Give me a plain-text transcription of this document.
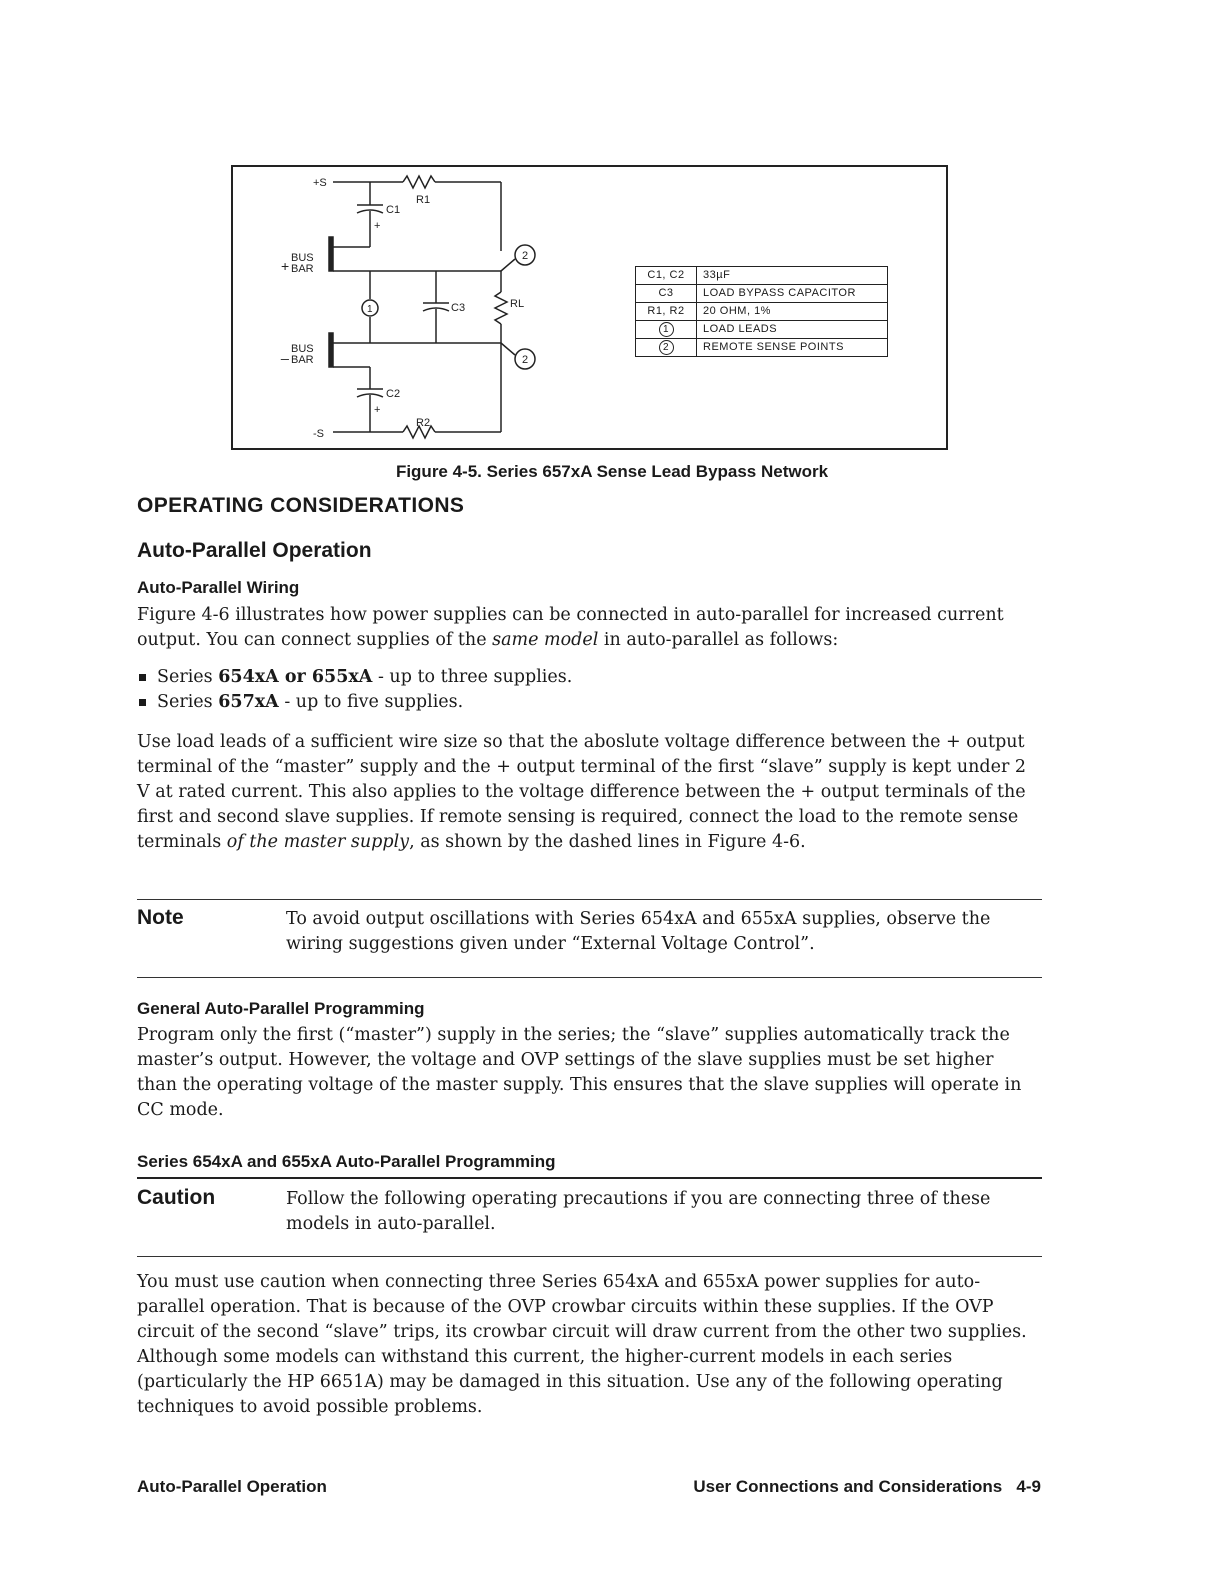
+S
-S
R1
R2
C1
C2
C3	RL
+
+
+ BUS
BAR
_ BUS
BAR
1
2
2
C1, C2	33µF
C3	LOAD BYPASS CAPACITOR
R1, R2	20 OHM, 1%
1	LOAD LEADS
2	REMOTE SENSE POINTS
Figure 4-5. Series 657xA Sense Lead Bypass Network
OPERATING CONSIDERATIONS
Auto-Parallel Operation
Auto-Parallel Wiring

Figure 4-6 illustrates how power supplies can be connected in auto-parallel for increased current output. You can connect supplies of the same model in auto-parallel as follows:

Series 654xA or 655xA - up to three supplies.
Series 657xA - up to five supplies.

Use load leads of a sufficient wire size so that the aboslute voltage difference between the + output terminal of the “master” supply and the + output terminal of the first “slave” supply is kept under 2 V at rated current. This also applies to the voltage difference between the + output terminals of the first and second slave supplies. If remote sensing is required, connect the load to the remote sense terminals of the master supply, as shown by the dashed lines in Figure 4-6.

Note	To avoid output oscillations with Series 654xA and 655xA supplies, observe the wiring suggestions given under “External Voltage Control”.

General Auto-Parallel Programming

Program only the first (“master”) supply in the series; the “slave” supplies automatically track the master’s output. However, the voltage and OVP settings of the slave supplies must be set higher than the operating voltage of the master supply. This ensures that the slave supplies will operate in CC mode.

Series 654xA and 655xA Auto-Parallel Programming
Caution	Follow the following operating precautions if you are connecting three of these models in auto-parallel.

You must use caution when connecting three Series 654xA and 655xA power supplies for auto-parallel operation. That is because of the OVP crowbar circuits within these supplies. If the OVP circuit of the second “slave” trips, its crowbar circuit will draw current from the other two supplies. Although some models can withstand this current, the higher-current models in each series (particularly the HP 6651A) may be damaged in this situation. Use any of the following operating techniques to avoid possible problems.

Auto-Parallel Operation	User Connections and Considerations   4-9
